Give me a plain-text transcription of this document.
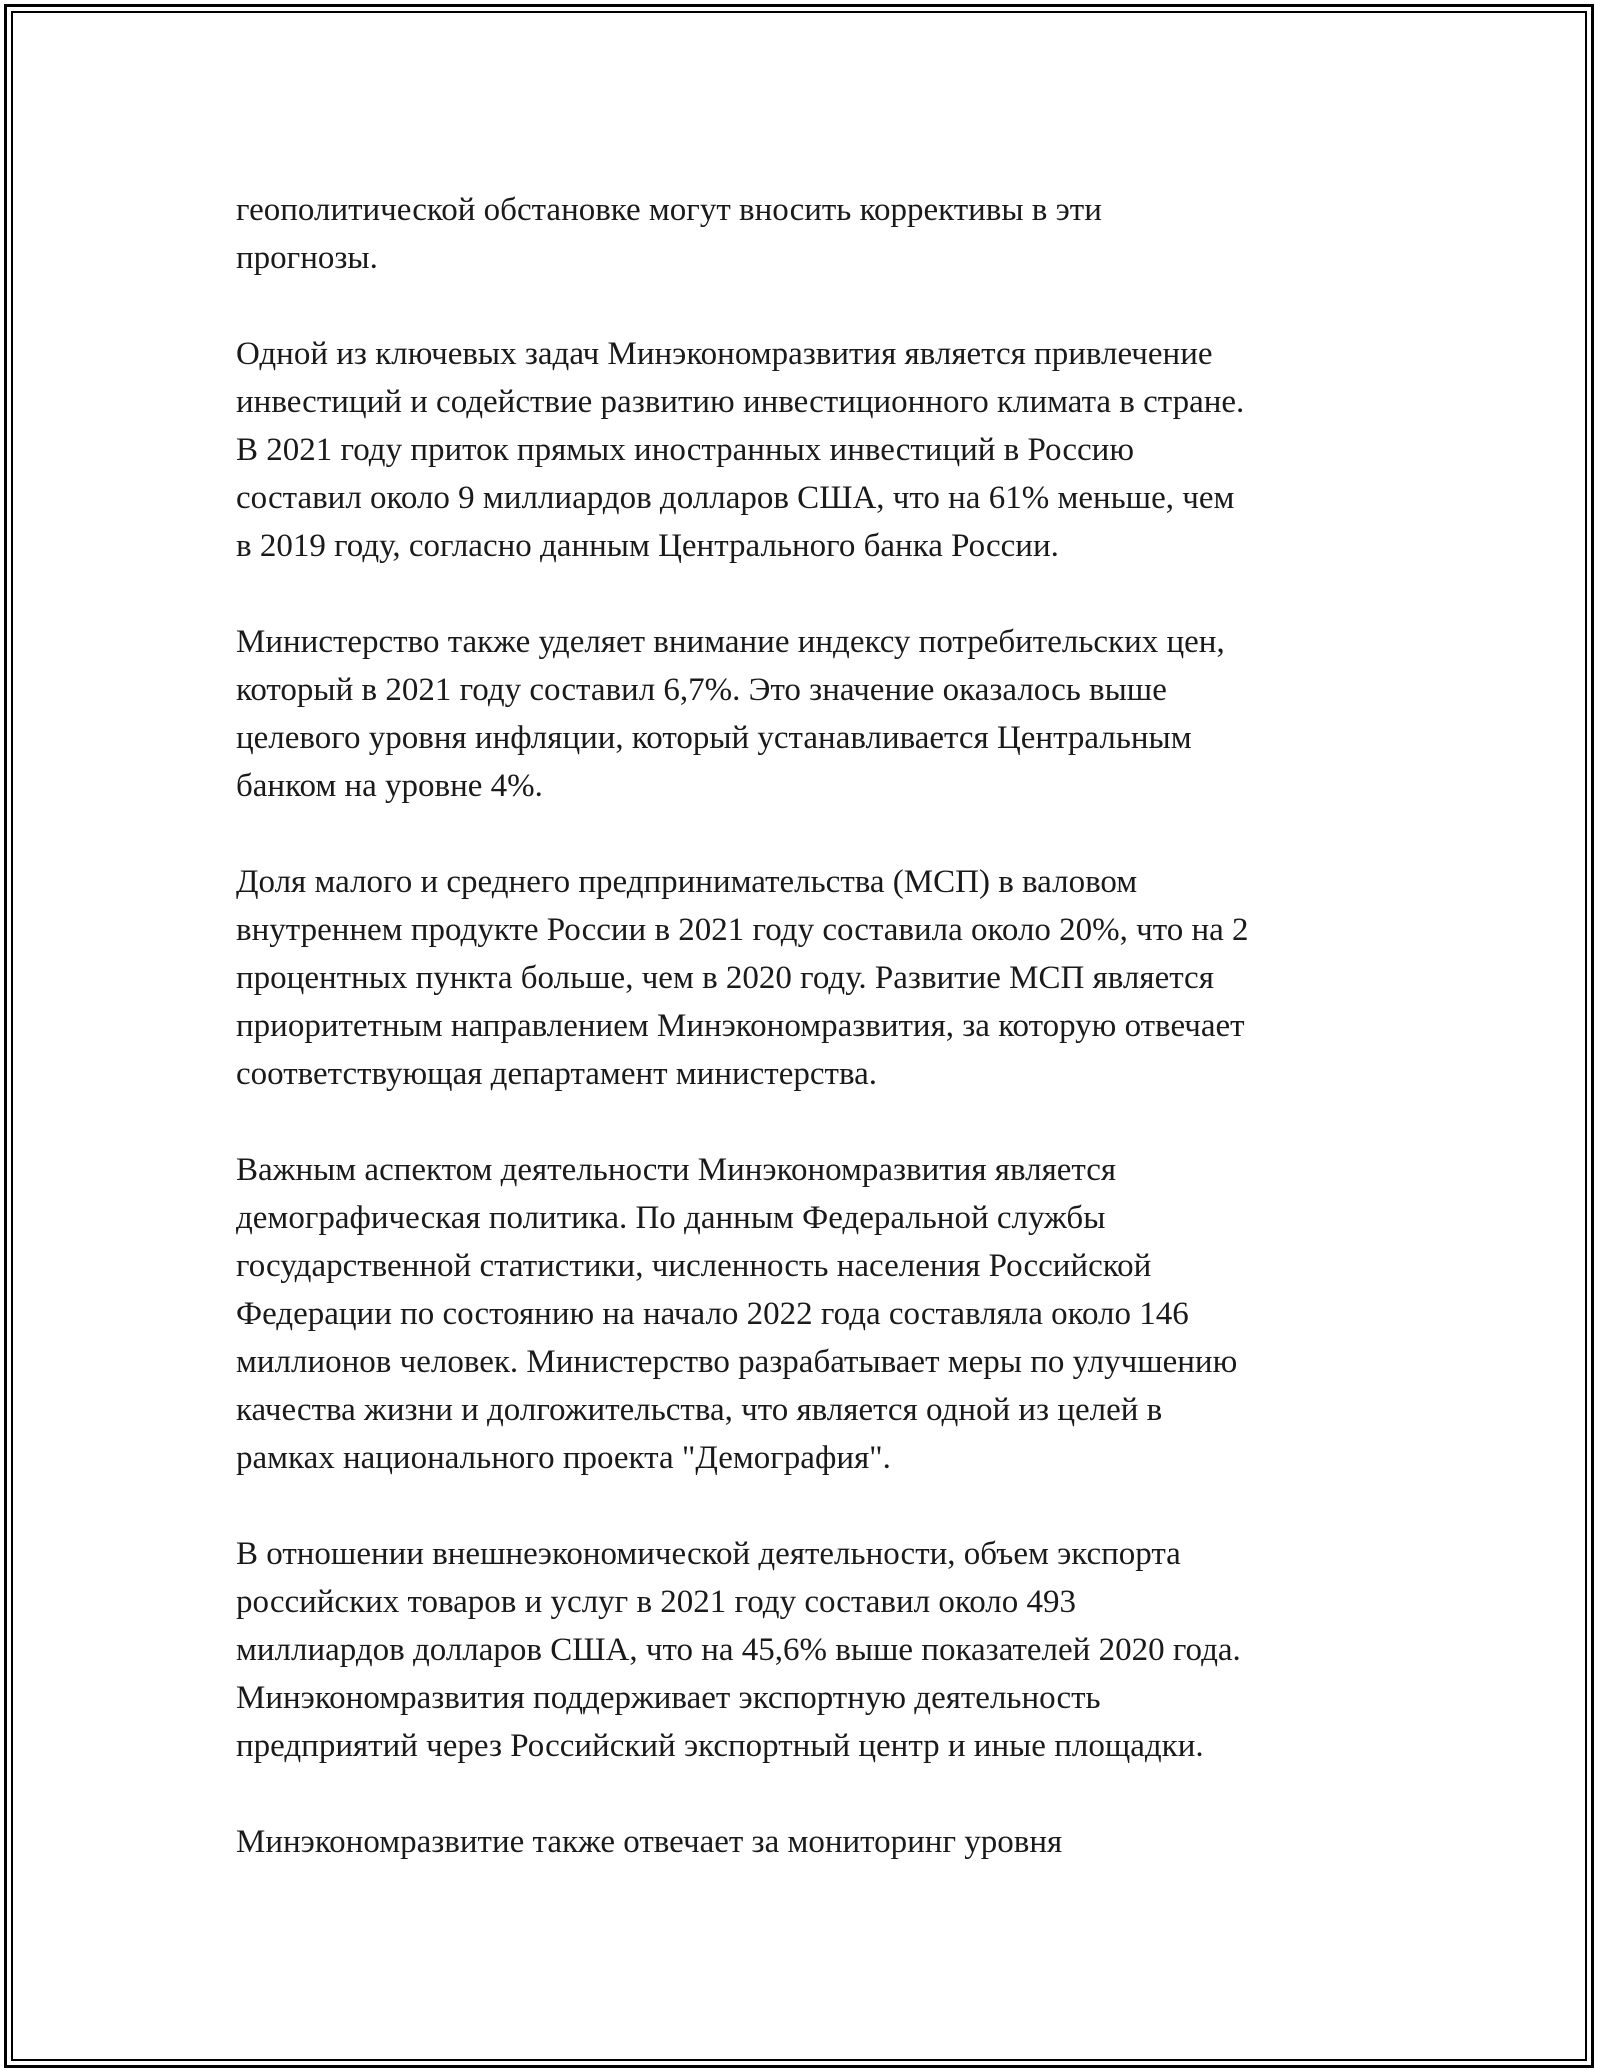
геополитической обстановке могут вносить коррективы в эти
прогнозы.

Одной из ключевых задач Минэкономразвития является привлечение
инвестиций и содействие развитию инвестиционного климата в стране.
В 2021 году приток прямых иностранных инвестиций в Россию
составил около 9 миллиардов долларов США, что на 61% меньше, чем
в 2019 году, согласно данным Центрального банка России.

Министерство также уделяет внимание индексу потребительских цен,
который в 2021 году составил 6,7%. Это значение оказалось выше
целевого уровня инфляции, который устанавливается Центральным
банком на уровне 4%.

Доля малого и среднего предпринимательства (МСП) в валовом
внутреннем продукте России в 2021 году составила около 20%, что на 2
процентных пункта больше, чем в 2020 году. Развитие МСП является
приоритетным направлением Минэкономразвития, за которую отвечает
соответствующая департамент министерства.

Важным аспектом деятельности Минэкономразвития является
демографическая политика. По данным Федеральной службы
государственной статистики, численность населения Российской
Федерации по состоянию на начало 2022 года составляла около 146
миллионов человек. Министерство разрабатывает меры по улучшению
качества жизни и долгожительства, что является одной из целей в
рамках национального проекта "Демография".

В отношении внешнеэкономической деятельности, объем экспорта
российских товаров и услуг в 2021 году составил около 493
миллиардов долларов США, что на 45,6% выше показателей 2020 года.
Минэкономразвития поддерживает экспортную деятельность
предприятий через Российский экспортный центр и иные площадки.

Минэкономразвитие также отвечает за мониторинг уровня
